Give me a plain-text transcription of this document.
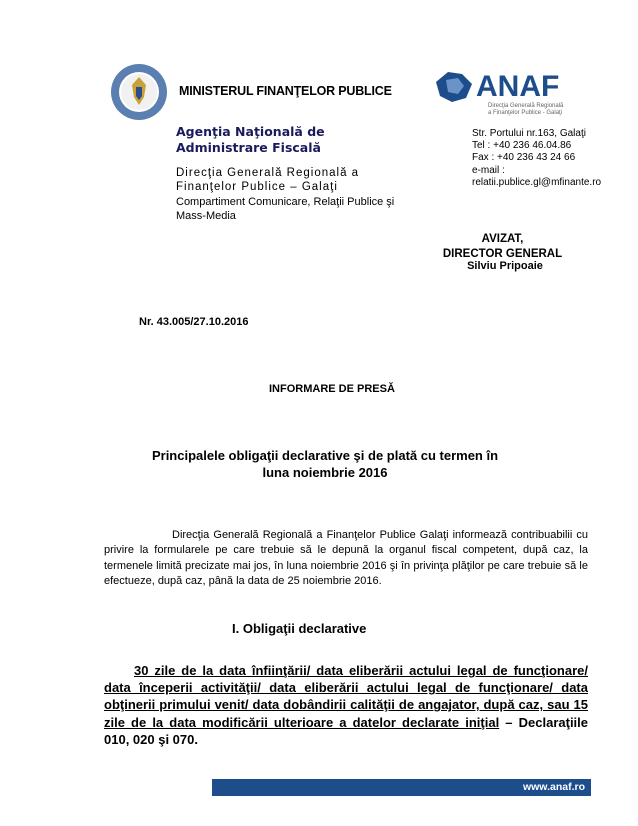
MINISTERUL FINANŢELOR PUBLICE
Agenţia Naţională de
Administrare Fiscală
Direcţia Generală Regională a
Finanţelor Publice – Galaţi
Compartiment Comunicare, Relaţii Publice şi Mass-Media
ANAF
Direcţia Generală Regională
a Finanţelor Publice - Galaţi
Str. Portului nr.163, Galaţi
Tel : +40 236 46.04.86
Fax : +40 236 43 24 66
e-mail :
relatii.publice.gl@mfinante.ro
AVIZAT,
DIRECTOR GENERAL
Silviu Pripoaie
Nr. 43.005/27.10.2016
INFORMARE DE PRESĂ
Principalele obligaţii declarative şi de plată cu termen în
luna noiembrie 2016
Direcţia Generală Regională a Finanţelor Publice Galaţi informează contribuabilii cu privire la formularele pe care trebuie să le depună la organul fiscal competent, după caz, la termenele limită precizate mai jos, în luna noiembrie 2016 şi în privinţa plăţilor pe care trebuie să le efectueze, după caz, până la data de 25 noiembrie 2016.
I. Obligaţii declarative
30 zile de la data înfiinţării/ data eliberării actului legal de funcţionare/ data începerii activităţii/ data eliberării actului legal de funcţionare/ data obţinerii primului venit/ data dobândirii calităţii de angajator, după caz, sau 15 zile de la data modificării ulterioare a datelor declarate iniţial – Declaraţiile 010, 020 şi 070.
www.anaf.ro
